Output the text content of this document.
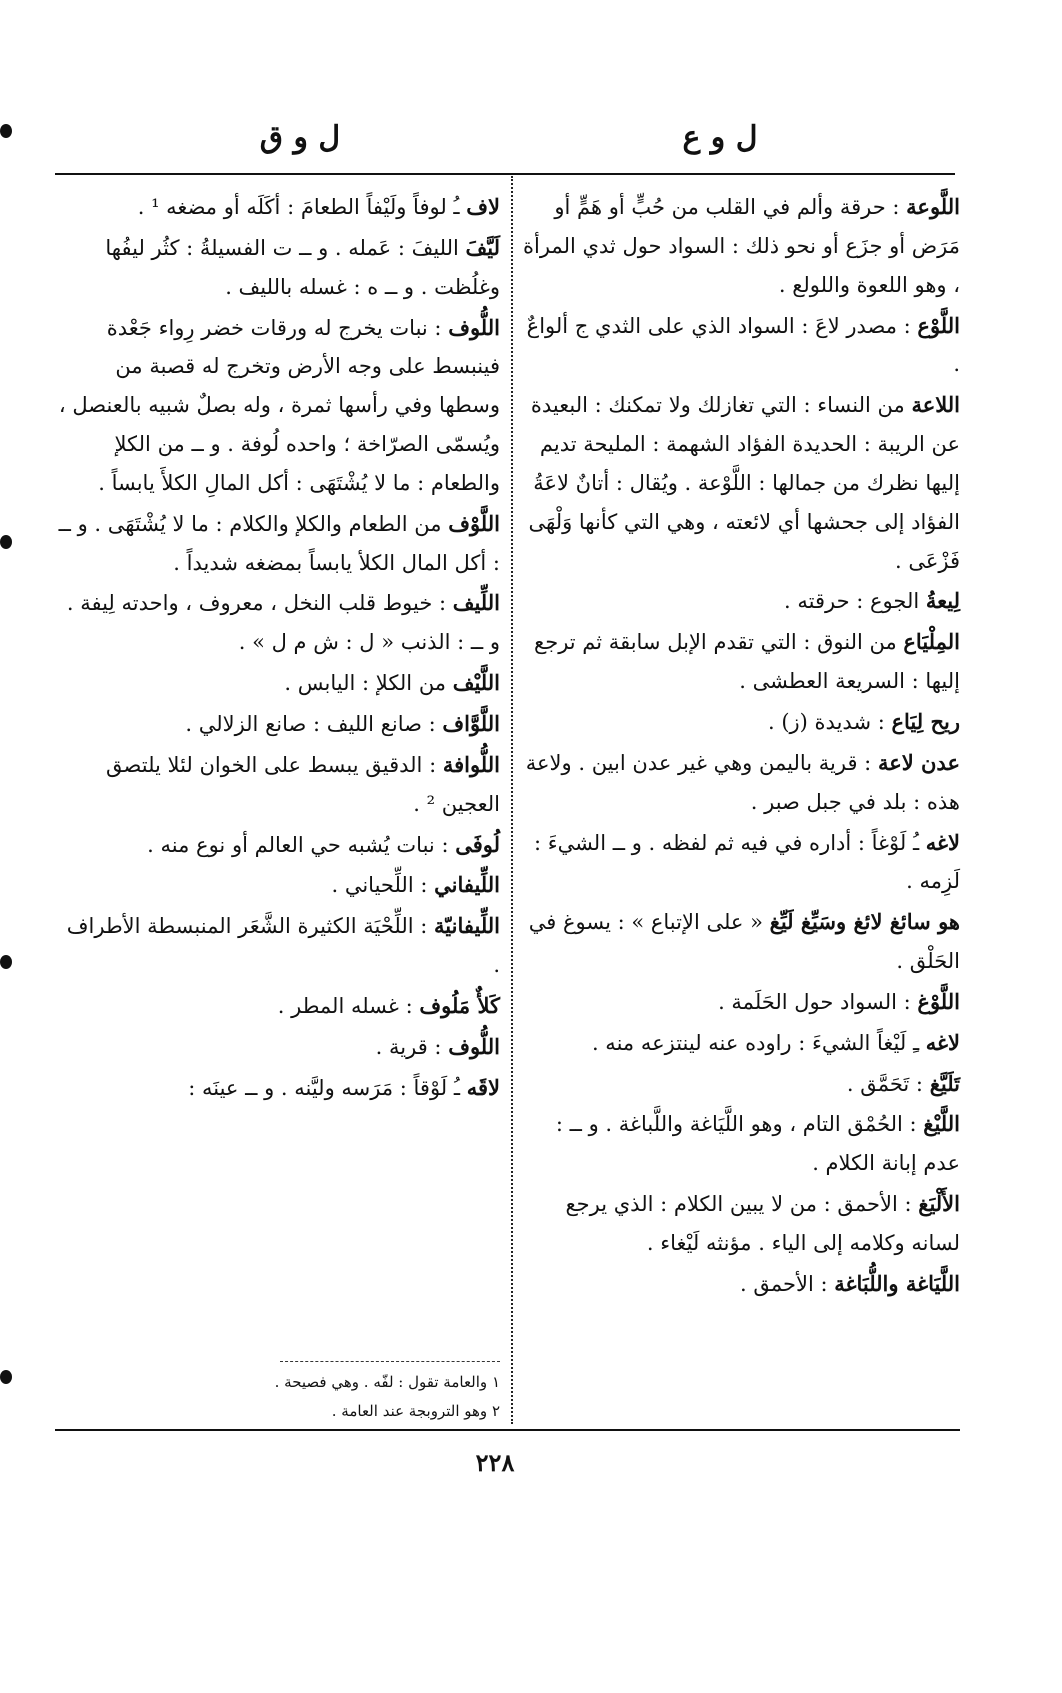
ل و ع
ل و ق
اللَّوعة : حرقة وألم في القلب من حُبٍّ أو هَمٍّ أو مَرَض أو جزَع أو نحو ذلك : السواد حول ثدي المرأة ، وهو اللعوة واللولع .
اللَّوْع : مصدر لاعَ : السواد الذي على الثدي ج ألواعٌ .
اللاعة من النساء : التي تغازلك ولا تمكنك : البعيدة عن الريبة : الحديدة الفؤاد الشهمة : المليحة تديم إليها نظرك من جمالها : اللَّوْعة . ويُقال : أتانٌ لاعَةُ الفؤاد إلى جحشها أي لائعته ، وهي التي كأنها وَلْهَى فَزْعَى .
لِيعةُ الجوع : حرقته .
المِلْيَاع من النوق : التي تقدم الإبل سابقة ثم ترجع إليها : السريعة العطشى .
ريح لِيَاع : شديدة (ز) .
عدن لاعة : قرية باليمن وهي غير عدن ابين . ولاعة هذه : بلد في جبل صبر .
لاغه ـُ لَوْغاً : أداره في فيه ثم لفظه . و ــ الشيءَ : لَزِمه .
هو سائغ لائغ وسَيِّغ لَيِّغ « على الإتباع » : يسوغ في الحَلْق .
اللَّوْغ : السواد حول الحَلَمة .
لاغه ـِ لَيْغاً الشيءَ : راوده عنه لينتزعه منه .
تَلَيَّغ : تَحَمَّق .
اللَّيْغ : الحُمْق التام ، وهو اللَّيَاغة واللَّباغة . و ــ : عدم إبانة الكلام .
الأَلْيَغ : الأحمق : من لا يبين الكلام : الذي يرجع لسانه وكلامه إلى الياء . مؤنثه لَيْغاء .
اللَّيَاغة واللُّبَاغة : الأحمق .
لاف ـُ لوفاً ولَيْفاً الطعامَ : أكَلَه أو مضغه ¹ .
لَيَّفَ الليفَ : عَمله . و ــ ت الفسيلةُ : كثُر ليفُها وغلُظت . و ــ ه : غسله بالليف .
اللُّوف : نبات يخرج له ورقات خضر رِواء جَعْدة فينبسط على وجه الأرض وتخرج له قصبة من وسطها وفي رأسها ثمرة ، وله بصلٌ شبيه بالعنصل ، ويُسمّى الصرّاخة ؛ واحده لُوفة . و ــ من الكلإ والطعام : ما لا يُشْتَهَى : أكل المالِ الكلأَ يابساً .
اللَّوْف من الطعام والكلإ والكلام : ما لا يُشْتَهَى . و ــ : أكل المال الكلأ يابساً بمضغه شديداً .
اللِّيف : خيوط قلب النخل ، معروف ، واحدته لِيفة . و ــ : الذنب « ل : ش م ل » .
اللَّيْف من الكلإ : اليابس .
اللَّوَّاف : صانع الليف : صانع الزلالي .
اللُّوافة : الدقيق يبسط على الخوان لئلا يلتصق العجين ² .
لُوفَى : نبات يُشبه حي العالم أو نوع منه .
اللِّيفاني : اللِّحياني .
اللِّيفانيّة : اللِّحْيَة الكثيرة الشَّعَر المنبسطة الأطراف .
كَلأٌ مَلُوف : غسله المطر .
اللُّوف : قرية .
لاقَه ـُ لَوْقاً : مَرَسه وليَّنه . و ــ عينَه :
١ والعامة تقول : لفّه . وهي فصيحة .
٢ وهو التروبجة عند العامة .
٢٢٨
